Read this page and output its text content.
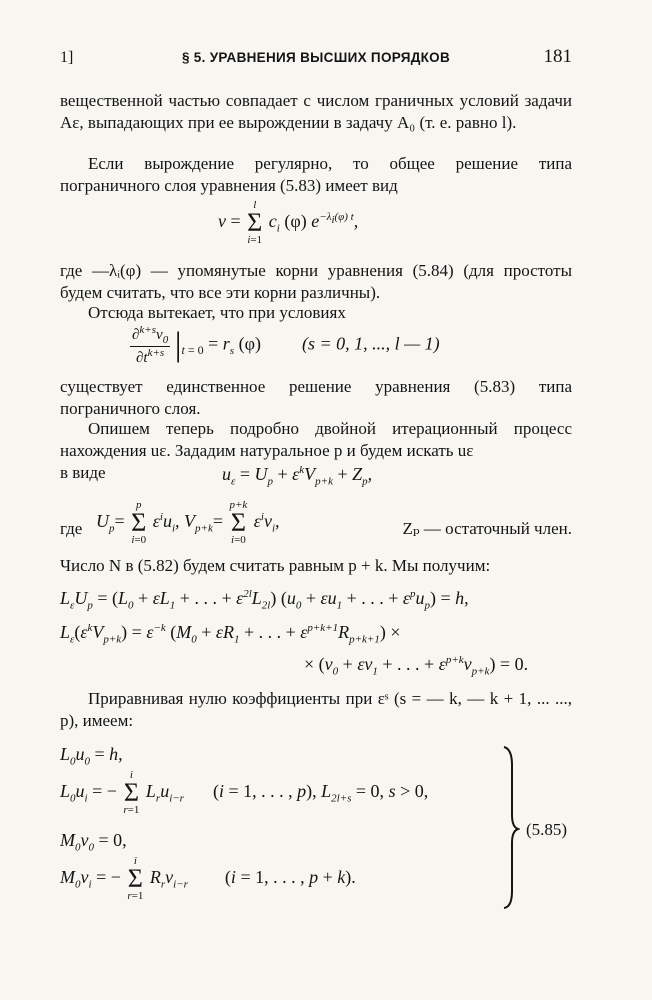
1]	§ 5. УРАВНЕНИЯ ВЫСШИХ ПОРЯДКОВ	181
вещественной частью совпадает с числом граничных условий задачи Aε, выпадающих при ее вырождении в задачу A₀ (т. е. равно l).
Если вырождение регулярно, то общее решение типа пограничного слоя уравнения (5.83) имеет вид
v =
l
Σ
i=1
$c_i$ (φ) $e^{-\lambda_i(\varphi) t}$,
где —λᵢ(φ) — упомянутые корни уравнения (5.84) (для простоты будем считать, что все эти корни различны).
Отсюда вытекает, что при условиях
$\frac{\partial^{k+s}v_0}{\partial t^{k+s}} |_{t = 0} = r_s$ (φ) (s = 0, 1, ..., l — 1)
существует единственное решение уравнения (5.83) типа пограничного слоя.
Опишем теперь подробно двойной итерационный процесс нахождения uε. Зададим натуральное p и будем искать uε
в виде	$u_\varepsilon = U_p + \varepsilon^kV_{p+k} + Z_p$,
где $U_p=$
p
Σ
i=0
$\varepsilon^iu_i$, $V_{p+k}=$
p+k
Σ
i=0
$\varepsilon^iv_i$,	Zₚ — остаточный член.
Число N в (5.82) будем считать равным p + k. Мы получим:
$L_\varepsilon U_p = (L_0 + \varepsilon L_1$ + . . . + $\varepsilon^{2l}L_{2l}$) ($u_0 + \varepsilon u_1$ + . . . + $\varepsilon^pu_p) = h$,
$L_\varepsilon(\varepsilon^kV_{p+k}) = \varepsilon^{-k}$ ($M_0 + \varepsilon R_1$ + . . . + $\varepsilon^{p+k+1}R_{p+k+1}$) ×
× ($v_0 + \varepsilon v_1$ + . . . + $\varepsilon^{p+k}v_{p+k}) = 0$.
Приравнивая нулю коэффициенты при εˢ (s = — k, — k + 1, ... ..., p), имеем:
$L_0u_0 = h$,
$L_0u_i$ = −
i
Σ
r=1
$L_ru_{i-r}$ (i = 1, . . . , p), $L_{2l+s} = 0$, s > 0,
$M_0v_0 = 0$,
$M_0v_i$ = −
i
Σ
r=1
$R_rv_{i-r}$ (i = 1, . . . , p + k).
(5.85)
